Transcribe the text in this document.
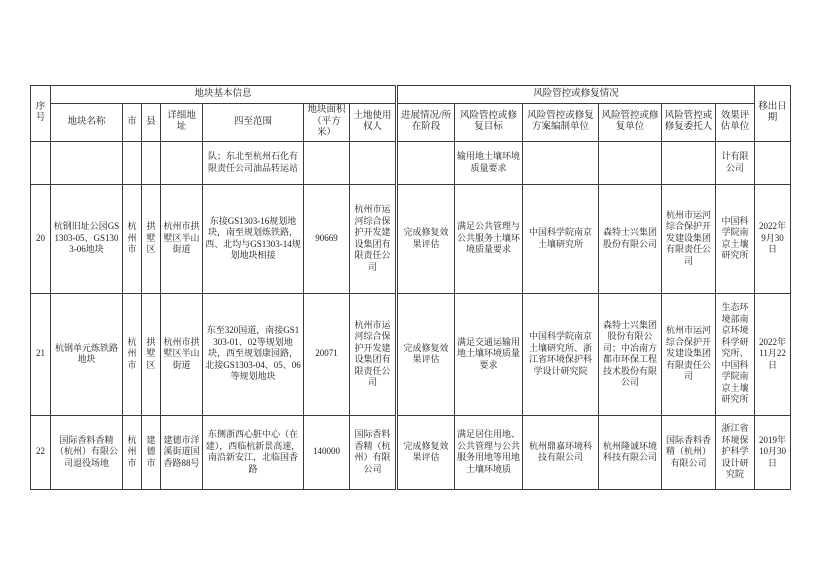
序号	地块基本信息							风险管控或修复情况						移出日期
	地块名称	市	县	详细地址	四至范围	地块面积（平方米）	土地使用权人	进展情况/所在阶段	风险管控或修复目标	风险管控或修复方案编制单位	风险管控或修复单位	风险管控或修复委托人	效果评估单位	
					队；东北至杭州石化有限责任公司油品转运站				输用地土壤环境质量要求				计有限公司	
20	杭钢旧址公园GS1303-05、GS1303-06地块	杭州市	拱墅区	杭州市拱墅区半山街道	东接GS1303-16规划地块，南至规划炼铁路，西、北均与GS1303-14规划地块相接	90669	杭州市运河综合保护开发建设集团有限责任公司	完成修复效果评估	满足公共管理与公共服务土壤环境质量要求	中国科学院南京土壤研究所	森特士兴集团股份有限公司	杭州市运河综合保护开发建设集团有限责任公司	中国科学院南京土壤研究所	2022年9月30日
21	杭钢单元炼铁路地块	杭州市	拱墅区	杭州市拱墅区半山街道	东至320国道，南接GS1303-01、02等规划地块，西至规划康园路，北接GS1303-04、05、06等规划地块	20071	杭州市运河综合保护开发建设集团有限责任公司	完成修复效果评估	满足交通运输用地土壤环境质量要求	中国科学院南京土壤研究所、浙江省环境保护科学设计研究院	森特士兴集团股份有限公司；中冶南方都市环保工程技术股份有限公司	杭州市运河综合保护开发建设集团有限责任公司	生态环境部南京环境科学研究所、中国科学院南京土壤研究所	2022年11月22日
22	国际香料香精（杭州）有限公司退役场地	杭州市	建德市	建德市洋溪街道国香路88号	东侧浙西心脏中心（在建），西临杭新景高速，南沿新安江，北临国香路	140000	国际香料香精（杭州）有限公司	完成修复效果评估	满足居住用地、公共管理与公共服务用地等用地土壤环境质	杭州鼎嘉环境科技有限公司	杭州隆诚环境科技有限公司	国际香料香精（杭州）有限公司	浙江省环境保护科学设计研究院	2019年10月30日
